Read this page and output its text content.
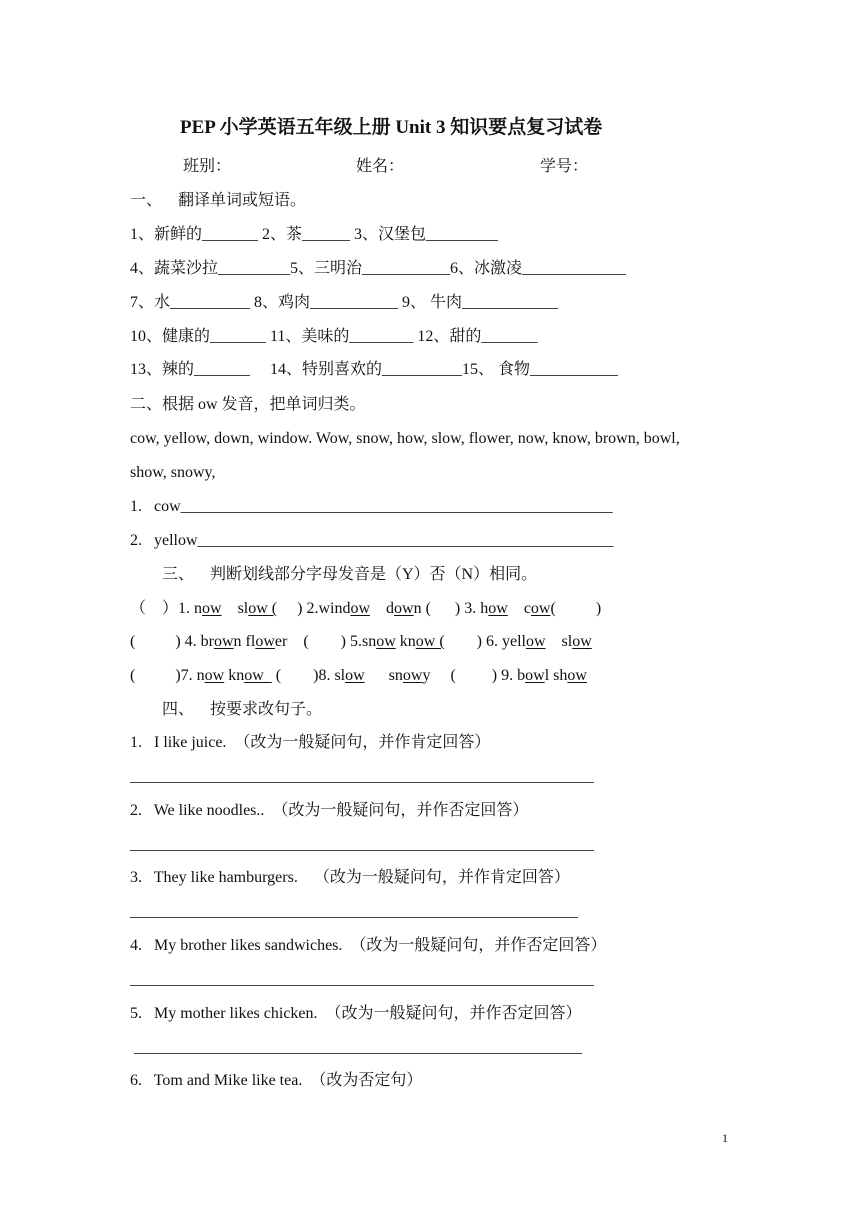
PEP 小学英语五年级上册 Unit 3 知识要点复习试卷
班别：	姓名：	学号：
一、    翻译单词或短语。
1、新鲜的_______ 2、茶______ 3、汉堡包_________
4、蔬菜沙拉_________5、三明治___________6、冰激凌_____________
7、水__________ 8、鸡肉___________ 9、 牛肉____________
10、健康的_______ 11、美味的________ 12、甜的_______
13、辣的_______     14、特别喜欢的__________15、 食物___________
二、根据 ow 发音，把单词归类。
cow, yellow, down, window. Wow, snow, how, slow, flower, now, know, brown, bowl,
show, snowy,
1.   cow______________________________________________________
2.   yellow____________________________________________________
三、    判断划线部分字母发音是（Y）否（N）相同。
（    ）1. now    slow (     ) 2.window    down (      ) 3. how    cow(          )
(          ) 4. brown flower    (        ) 5.snow know (        ) 6. yellow    slow
(          )7. now know   (        )8. slow      snowy     (         ) 9. bowl show
四、    按要求改句子。
1.   I like juice.  （改为一般疑问句，并作肯定回答）
__________________________________________________________
2.   We like noodles..  （改为一般疑问句，并作否定回答）
__________________________________________________________
3.   They like hamburgers.    （改为一般疑问句，并作肯定回答）
________________________________________________________
4.   My brother likes sandwiches.  （改为一般疑问句，并作否定回答）
__________________________________________________________
5.   My mother likes chicken.  （改为一般疑问句，并作否定回答）
________________________________________________________
6.   Tom and Mike like tea.  （改为否定句）
1
